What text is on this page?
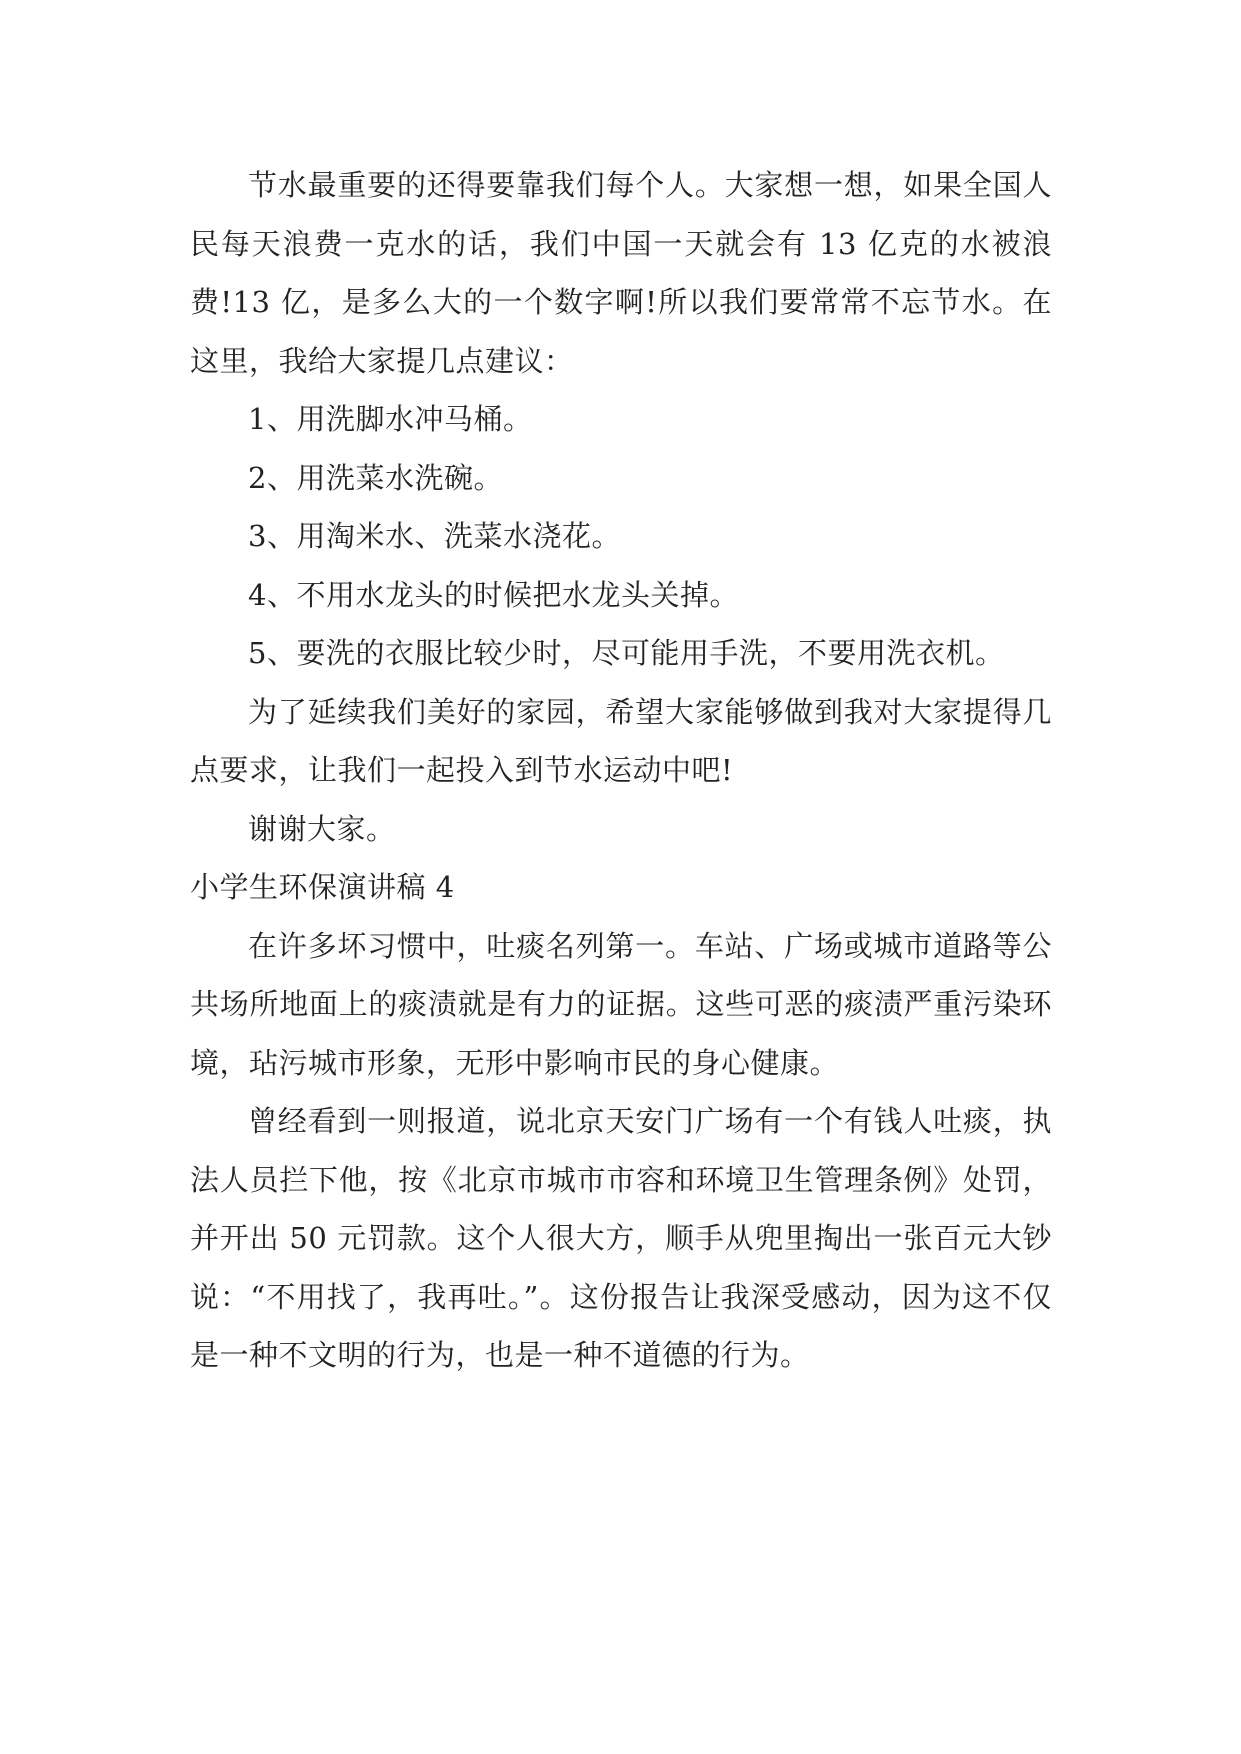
节水最重要的还得要靠我们每个人。大家想一想，如果全国人民每天浪费一克水的话，我们中国一天就会有 13 亿克的水被浪费!13 亿，是多么大的一个数字啊!所以我们要常常不忘节水。在这里，我给大家提几点建议：

1、用洗脚水冲马桶。

2、用洗菜水洗碗。

3、用淘米水、洗菜水浇花。

4、不用水龙头的时候把水龙头关掉。

5、要洗的衣服比较少时，尽可能用手洗，不要用洗衣机。

为了延续我们美好的家园，希望大家能够做到我对大家提得几点要求，让我们一起投入到节水运动中吧!

谢谢大家。

小学生环保演讲稿 4

在许多坏习惯中，吐痰名列第一。车站、广场或城市道路等公共场所地面上的痰渍就是有力的证据。这些可恶的痰渍严重污染环境，玷污城市形象，无形中影响市民的身心健康。

曾经看到一则报道，说北京天安门广场有一个有钱人吐痰，执法人员拦下他，按《北京市城市市容和环境卫生管理条例》处罚，并开出 50 元罚款。这个人很大方，顺手从兜里掏出一张百元大钞说：“不用找了，我再吐。”。这份报告让我深受感动，因为这不仅是一种不文明的行为，也是一种不道德的行为。
